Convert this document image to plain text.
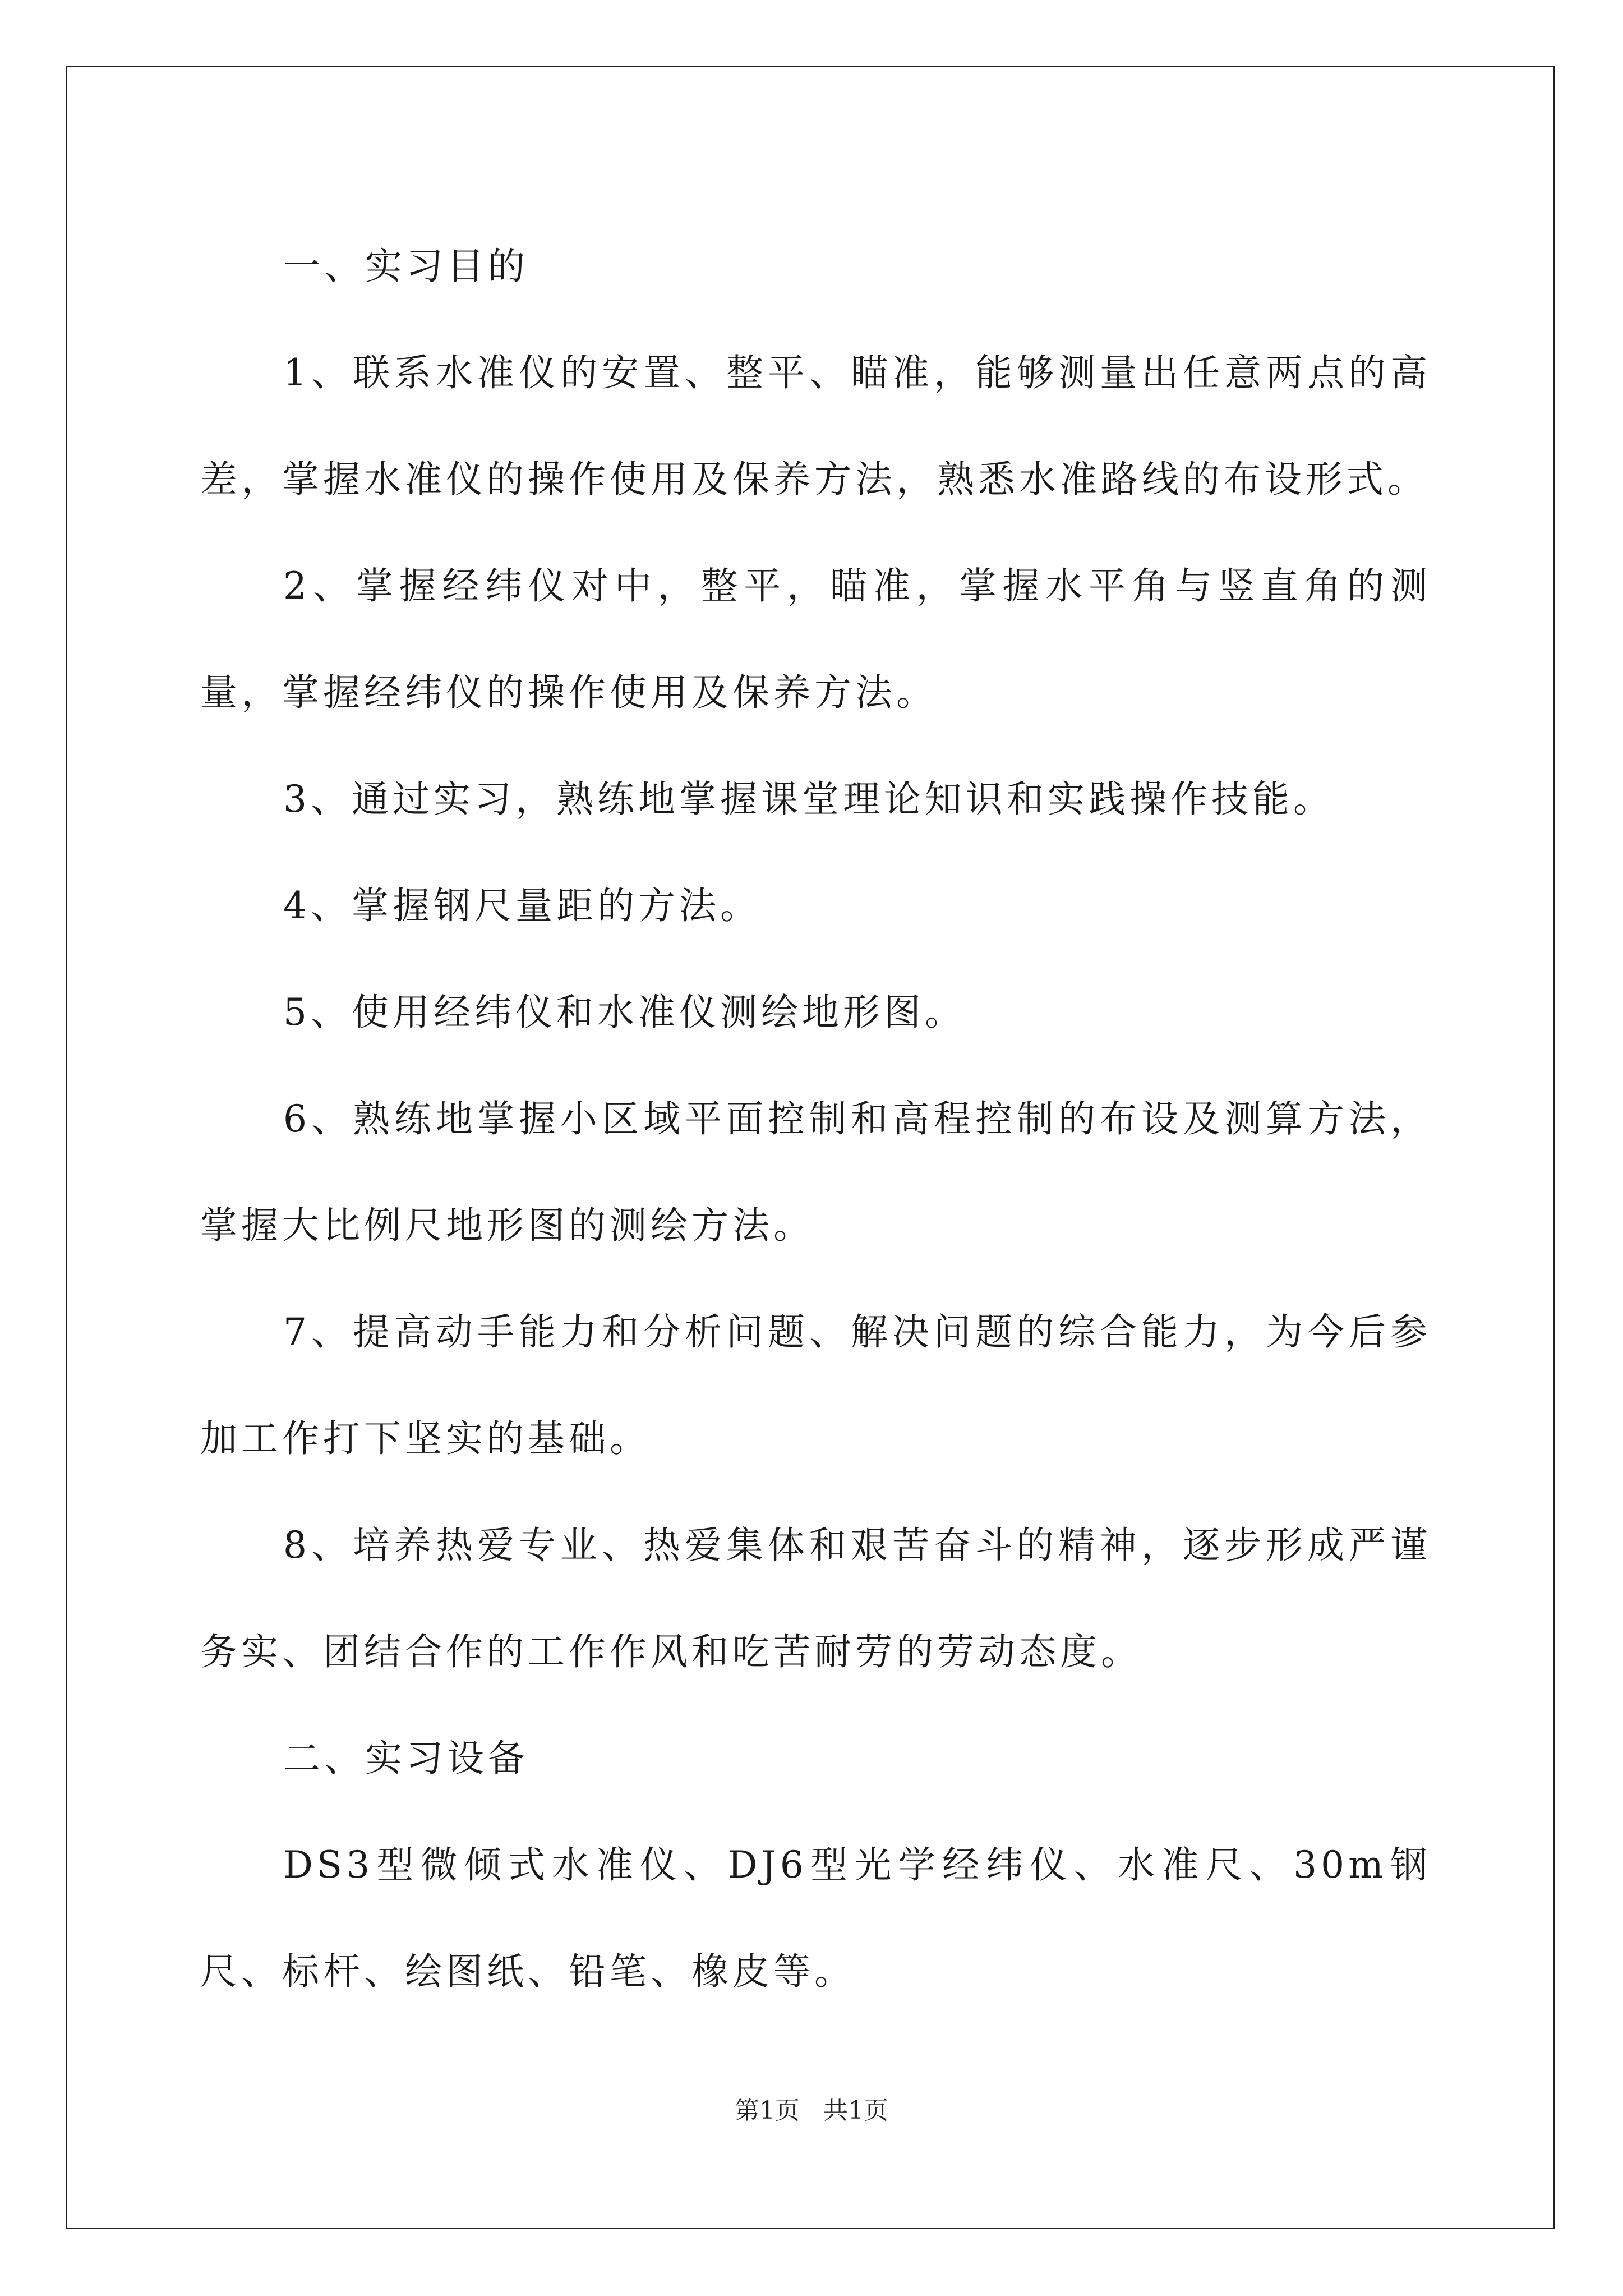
一、实习目的

1、联系水准仪的安置、整平、瞄准，能够测量出任意两点的高差，掌握水准仪的操作使用及保养方法，熟悉水准路线的布设形式。

2、掌握经纬仪对中，整平，瞄准，掌握水平角与竖直角的测量，掌握经纬仪的操作使用及保养方法。

3、通过实习，熟练地掌握课堂理论知识和实践操作技能。

4、掌握钢尺量距的方法。

5、使用经纬仪和水准仪测绘地形图。

6、熟练地掌握小区域平面控制和高程控制的布设及测算方法，掌握大比例尺地形图的测绘方法。

7、提高动手能力和分析问题、解决问题的综合能力，为今后参加工作打下坚实的基础。

8、培养热爱专业、热爱集体和艰苦奋斗的精神，逐步形成严谨务实、团结合作的工作作风和吃苦耐劳的劳动态度。

二、实习设备

DS3型微倾式水准仪、DJ6型光学经纬仪、水准尺、30m钢尺、标杆、绘图纸、铅笔、橡皮等。

第1页 共1页
